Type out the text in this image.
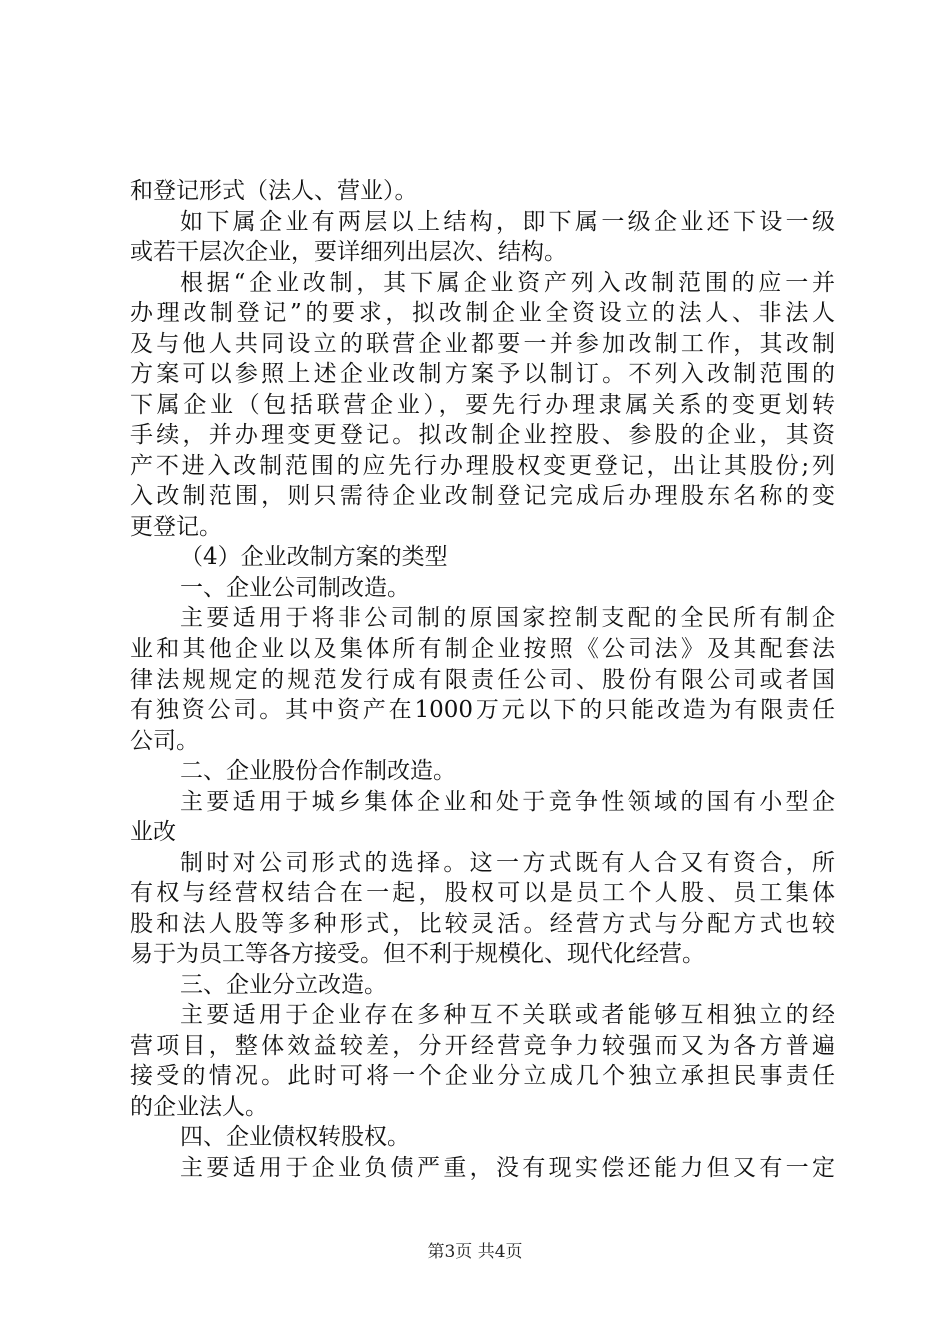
和登记形式（法人、营业）。
如下属企业有两层以上结构，即下属一级企业还下设一级
或若干层次企业，要详细列出层次、结构。
根据“企业改制，其下属企业资产列入改制范围的应一并
办理改制登记”的要求，拟改制企业全资设立的法人、非法人
及与他人共同设立的联营企业都要一并参加改制工作，其改制
方案可以参照上述企业改制方案予以制订。不列入改制范围的
下属企业（包括联营企业），要先行办理隶属关系的变更划转
手续，并办理变更登记。拟改制企业控股、参股的企业，其资
产不进入改制范围的应先行办理股权变更登记，出让其股份;列
入改制范围，则只需待企业改制登记完成后办理股东名称的变
更登记。
（4）企业改制方案的类型
一、企业公司制改造。
主要适用于将非公司制的原国家控制支配的全民所有制企
业和其他企业以及集体所有制企业按照《公司法》及其配套法
律法规规定的规范发行成有限责任公司、股份有限公司或者国
有独资公司。其中资产在1000万元以下的只能改造为有限责任
公司。
二、企业股份合作制改造。
主要适用于城乡集体企业和处于竞争性领域的国有小型企
业改
制时对公司形式的选择。这一方式既有人合又有资合，所
有权与经营权结合在一起，股权可以是员工个人股、员工集体
股和法人股等多种形式，比较灵活。经营方式与分配方式也较
易于为员工等各方接受。但不利于规模化、现代化经营。
三、企业分立改造。
主要适用于企业存在多种互不关联或者能够互相独立的经
营项目，整体效益较差，分开经营竞争力较强而又为各方普遍
接受的情况。此时可将一个企业分立成几个独立承担民事责任
的企业法人。
四、企业债权转股权。
主要适用于企业负债严重，没有现实偿还能力但又有一定
第3页 共4页
